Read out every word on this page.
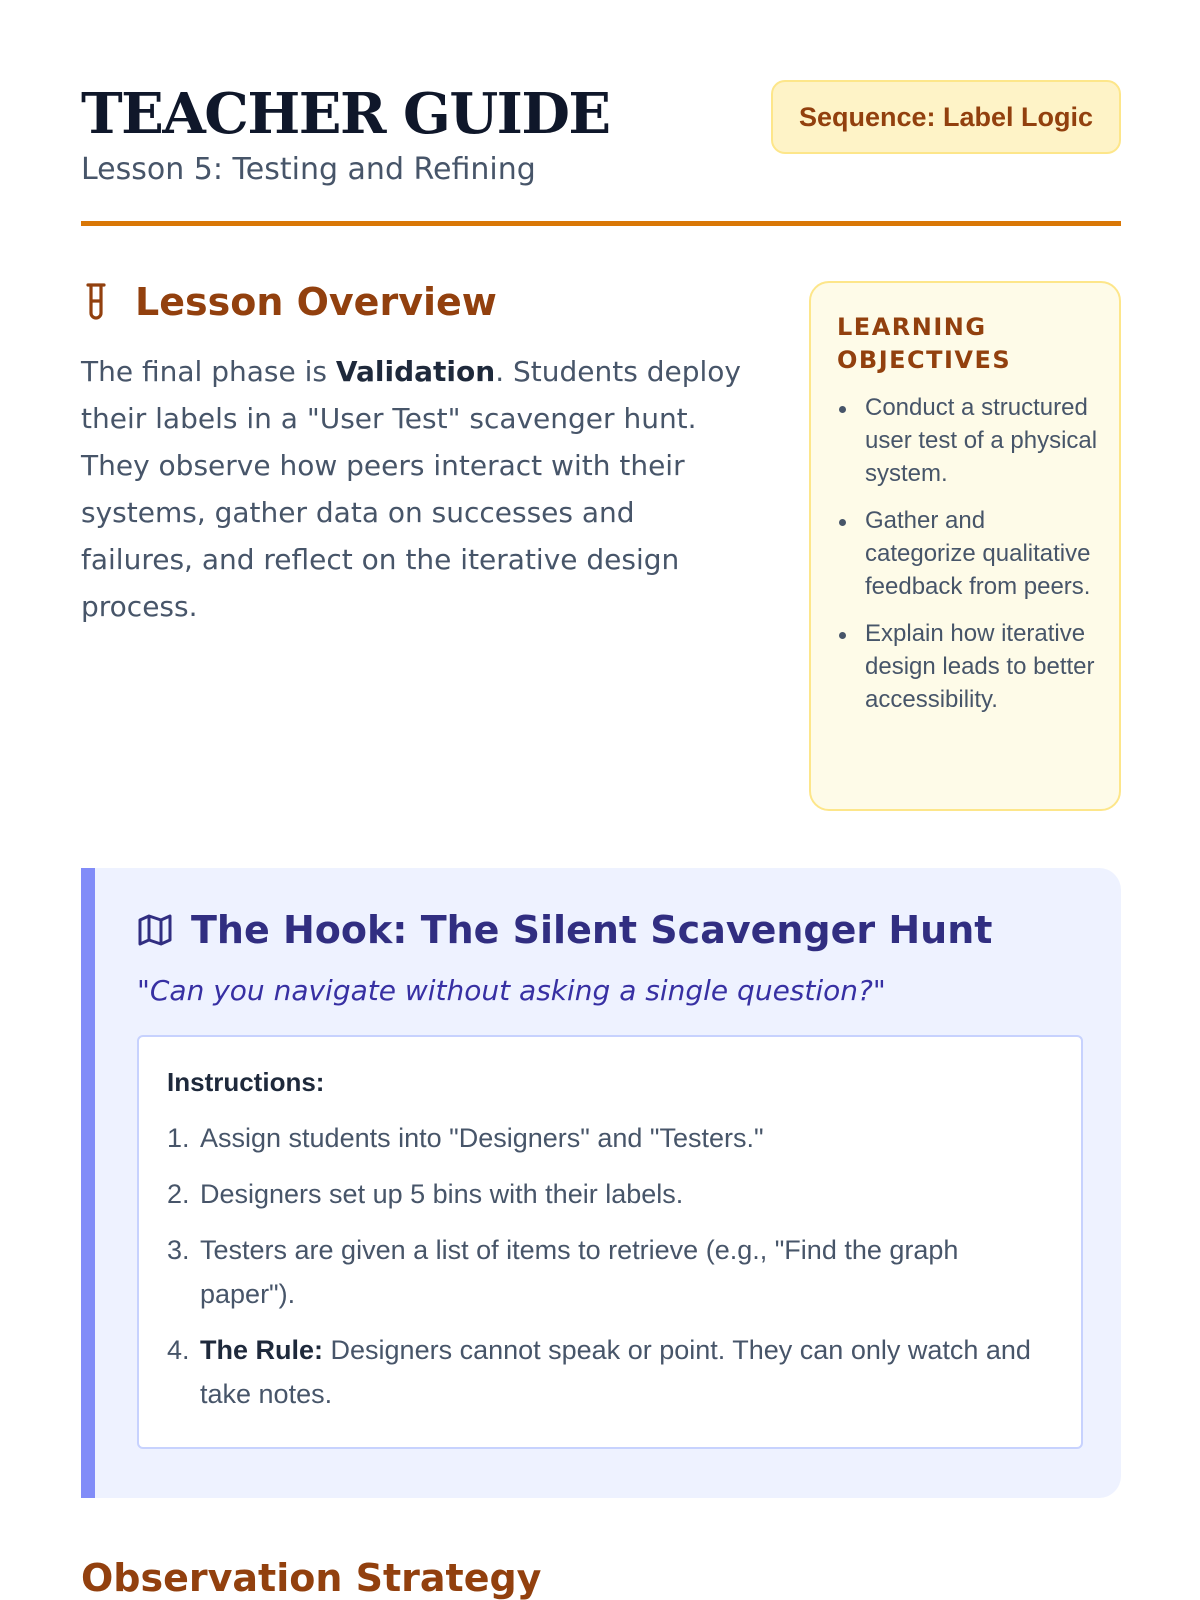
TEACHER GUIDE
Lesson 5: Testing and Refining
Sequence: Label Logic
Lesson Overview

The final phase is Validation. Students deploy their labels in a "User Test" scavenger hunt. They observe how peers interact with their systems, gather data on successes and failures, and reflect on the iterative design process.

LEARNING OBJECTIVES
Conduct a structured user test of a physical system.
Gather and categorize qualitative feedback from peers.
Explain how iterative design leads to better accessibility.
The Hook: The Silent Scavenger Hunt

"Can you navigate without asking a single question?"

Instructions:
1. Assign students into "Designers" and "Testers."
2. Designers set up 5 bins with their labels.
3. Testers are given a list of items to retrieve (e.g., "Find the graph paper").
4. The Rule: Designers cannot speak or point. They can only watch and take notes.
Observation Strategy
